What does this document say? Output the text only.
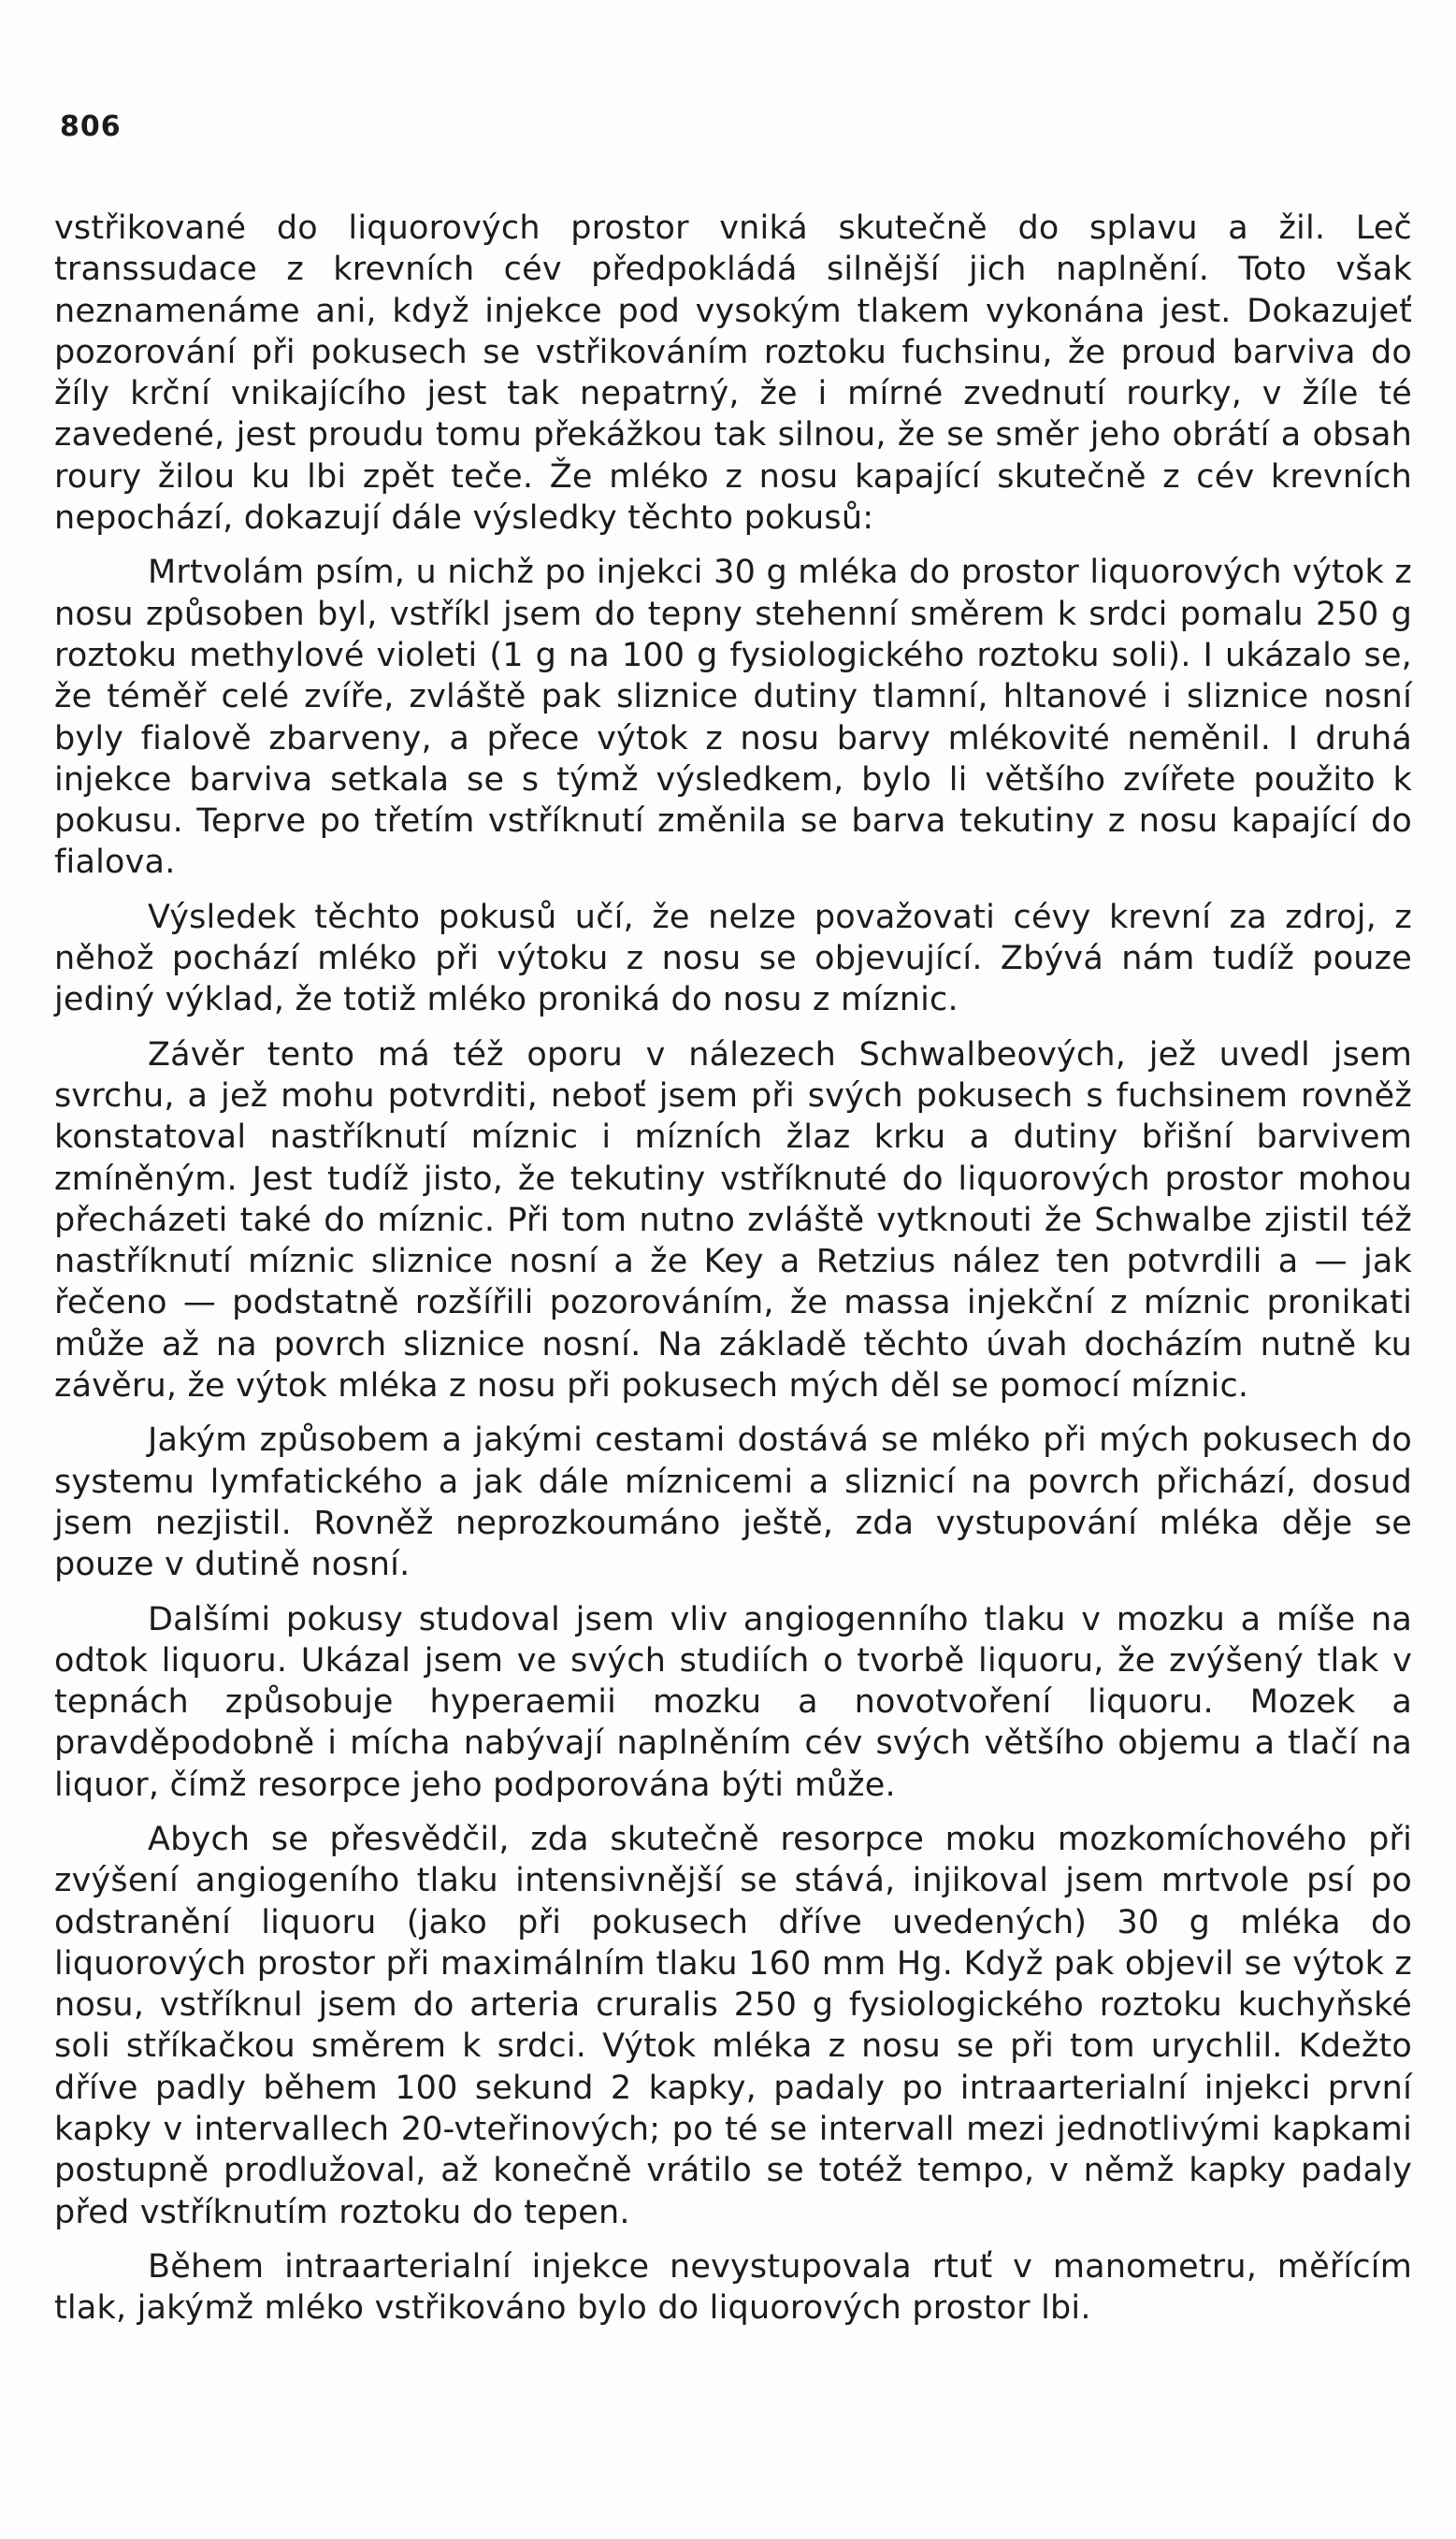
806

vstřikované do liquorových prostor vniká skutečně do splavu a žil. Leč transsudace z krevních cév předpokládá silnější jich naplnění. Toto však neznamenáme ani, když injekce pod vysokým tlakem vykonána jest. Dokazujeť pozorování při pokusech se vstřikováním roztoku fuchsinu, že proud barviva do žíly krční vnikajícího jest tak nepatrný, že i mírné zvednutí rourky, v žíle té zavedené, jest proudu tomu překážkou tak silnou, že se směr jeho obrátí a obsah roury žilou ku lbi zpět teče. Že mléko z nosu kapající skutečně z cév krevních nepochází, dokazují dále výsledky těchto pokusů:

Mrtvolám psím, u nichž po injekci 30 g mléka do prostor liquorových výtok z nosu způsoben byl, vstříkl jsem do tepny stehenní směrem k srdci pomalu 250 g roztoku methylové violeti (1 g na 100 g fysiologického roztoku soli). I ukázalo se, že téměř celé zvíře, zvláště pak sliznice dutiny tlamní, hltanové i sliznice nosní byly fialově zbarveny, a přece výtok z nosu barvy mlékovité neměnil. I druhá injekce barviva setkala se s týmž výsledkem, bylo li většího zvířete použito k pokusu. Teprve po třetím vstříknutí změnila se barva tekutiny z nosu kapající do fialova.

Výsledek těchto pokusů učí, že nelze považovati cévy krevní za zdroj, z něhož pochází mléko při výtoku z nosu se objevující. Zbývá nám tudíž pouze jediný výklad, že totiž mléko proniká do nosu z míznic.

Závěr tento má též oporu v nálezech Schwalbeových, jež uvedl jsem svrchu, a jež mohu potvrditi, neboť jsem při svých pokusech s fuchsinem rovněž konstatoval nastříknutí míznic i mízních žlaz krku a dutiny břišní barvivem zmíněným. Jest tudíž jisto, že tekutiny vstříknuté do liquorových prostor mohou přecházeti také do míznic. Při tom nutno zvláště vytknouti že Schwalbe zjistil též nastříknutí míznic sliznice nosní a že Key a Retzius nález ten potvrdili a — jak řečeno — podstatně rozšířili pozorováním, že massa injekční z míznic pronikati může až na povrch sliznice nosní. Na základě těchto úvah docházím nutně ku závěru, že výtok mléka z nosu při pokusech mých děl se pomocí míznic.

Jakým způsobem a jakými cestami dostává se mléko při mých pokusech do systemu lymfatického a jak dále míznicemi a sliznicí na povrch přichází, dosud jsem nezjistil. Rovněž neprozkoumáno ještě, zda vystupování mléka děje se pouze v dutině nosní.

Dalšími pokusy studoval jsem vliv angiogenního tlaku v mozku a míše na odtok liquoru. Ukázal jsem ve svých studiích o tvorbě liquoru, že zvýšený tlak v tepnách způsobuje hyperaemii mozku a novotvoření liquoru. Mozek a pravděpodobně i mícha nabývají naplněním cév svých většího objemu a tlačí na liquor, čímž resorpce jeho podporována býti může.

Abych se přesvědčil, zda skutečně resorpce moku mozkomíchového při zvýšení angiogeního tlaku intensivnější se stává, injikoval jsem mrtvole psí po odstranění liquoru (jako při pokusech dříve uvedených) 30 g mléka do liquorových prostor při maximálním tlaku 160 mm Hg. Když pak objevil se výtok z nosu, vstříknul jsem do arteria cruralis 250 g fysiologického roztoku kuchyňské soli stříkačkou směrem k srdci. Výtok mléka z nosu se při tom urychlil. Kdežto dříve padly během 100 sekund 2 kapky, padaly po intraarterialní injekci první kapky v intervallech 20-vteřinových; po té se intervall mezi jednotlivými kapkami postupně prodlužoval, až konečně vrátilo se totéž tempo, v němž kapky padaly před vstříknutím roztoku do tepen.

Během intraarterialní injekce nevystupovala rtuť v manometru, měřícím tlak, jakýmž mléko vstřikováno bylo do liquorových prostor lbi.
